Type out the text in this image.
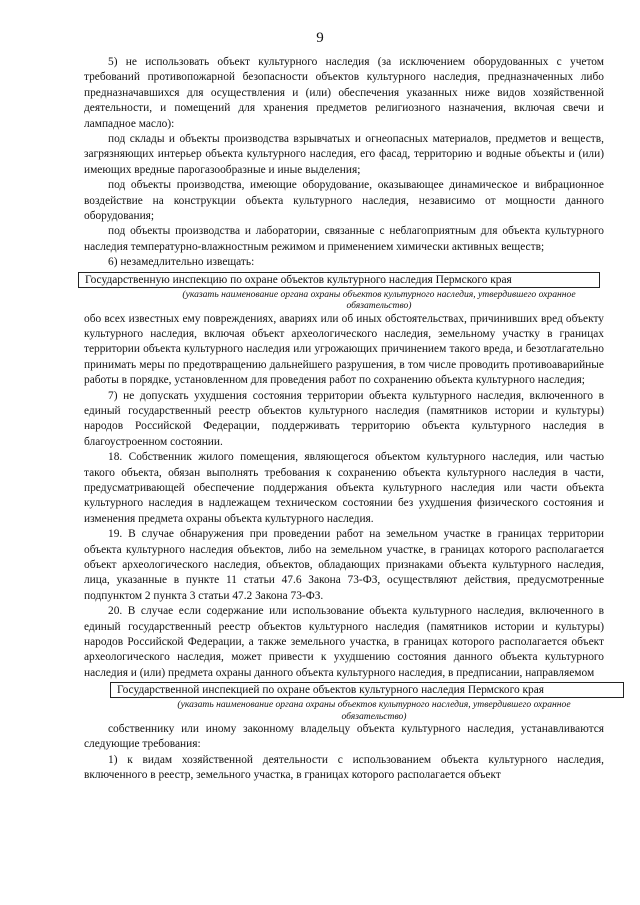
9

5) не использовать объект культурного наследия (за исключением оборудованных с учетом требований противопожарной безопасности объектов культурного наследия, предназначенных либо предназначавшихся для осуществления и (или) обеспечения указанных ниже видов хозяйственной деятельности, и помещений для хранения предметов религиозного назначения, включая свечи и лампадное масло):

под склады и объекты производства взрывчатых и огнеопасных материалов, предметов и веществ, загрязняющих интерьер объекта культурного наследия, его фасад, территорию и водные объекты и (или) имеющих вредные парогазообразные и иные выделения;

под объекты производства, имеющие оборудование, оказывающее динамическое и вибрационное воздействие на конструкции объекта культурного наследия, независимо от мощности данного оборудования;

под объекты производства и лаборатории, связанные с неблагоприятным для объекта культурного наследия температурно-влажностным режимом и применением химически активных веществ;

6) незамедлительно извещать:

Государственную инспекцию по охране объектов культурного наследия Пермского края
(указать наименование органа охраны объектов культурного наследия, утвердившего охранное обязательство)

обо всех известных ему повреждениях, авариях или об иных обстоятельствах, причинивших вред объекту культурного наследия, включая объект археологического наследия, земельному участку в границах территории объекта культурного наследия или угрожающих причинением такого вреда, и безотлагательно принимать меры по предотвращению дальнейшего разрушения, в том числе проводить противоаварийные работы в порядке, установленном для проведения работ по сохранению объекта культурного наследия;

7) не допускать ухудшения состояния территории объекта культурного наследия, включенного в единый государственный реестр объектов культурного наследия (памятников истории и культуры) народов Российской Федерации, поддерживать территорию объекта культурного наследия в благоустроенном состоянии.

18. Собственник жилого помещения, являющегося объектом культурного наследия, или частью такого объекта, обязан выполнять требования к сохранению объекта культурного наследия в части, предусматривающей обеспечение поддержания объекта культурного наследия или части объекта культурного наследия в надлежащем техническом состоянии без ухудшения физического состояния и изменения предмета охраны объекта культурного наследия.

19. В случае обнаружения при проведении работ на земельном участке в границах территории объекта культурного наследия объектов, либо на земельном участке, в границах которого располагается объект археологического наследия, объектов, обладающих признаками объекта культурного наследия, лица, указанные в пункте 11 статьи 47.6 Закона 73-ФЗ, осуществляют действия, предусмотренные подпунктом 2 пункта 3 статьи 47.2 Закона 73-ФЗ.

20. В случае если содержание или использование объекта культурного наследия, включенного в единый государственный реестр объектов культурного наследия (памятников истории и культуры) народов Российской Федерации, а также земельного участка, в границах которого располагается объект археологического наследия, может привести к ухудшению состояния данного объекта культурного наследия и (или) предмета охраны данного объекта культурного наследия, в предписании, направляемом

Государственной инспекцией по охране объектов культурного наследия Пермского края
(указать наименование органа охраны объектов культурного наследия, утвердившего охранное обязательство)

собственнику или иному законному владельцу объекта культурного наследия, устанавливаются следующие требования:

1) к видам хозяйственной деятельности с использованием объекта культурного наследия, включенного в реестр, земельного участка, в границах которого располагается объект
